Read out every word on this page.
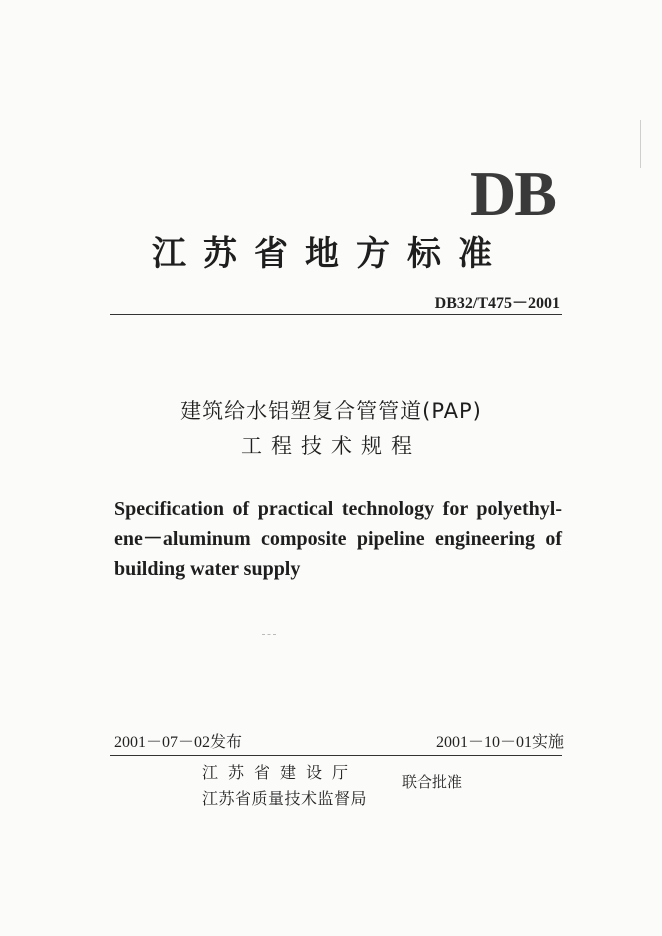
DB
江苏省地方标准
DB32/T475－2001
建筑给水铝塑复合管管道(PAP)
工程技术规程
Specification of practical technology for polyethyl-
ene－aluminum composite pipeline engineering of
building water supply
2001－07－02发布	2001－10－01实施
江苏省建设厅
江苏省质量技术监督局
联合批准
